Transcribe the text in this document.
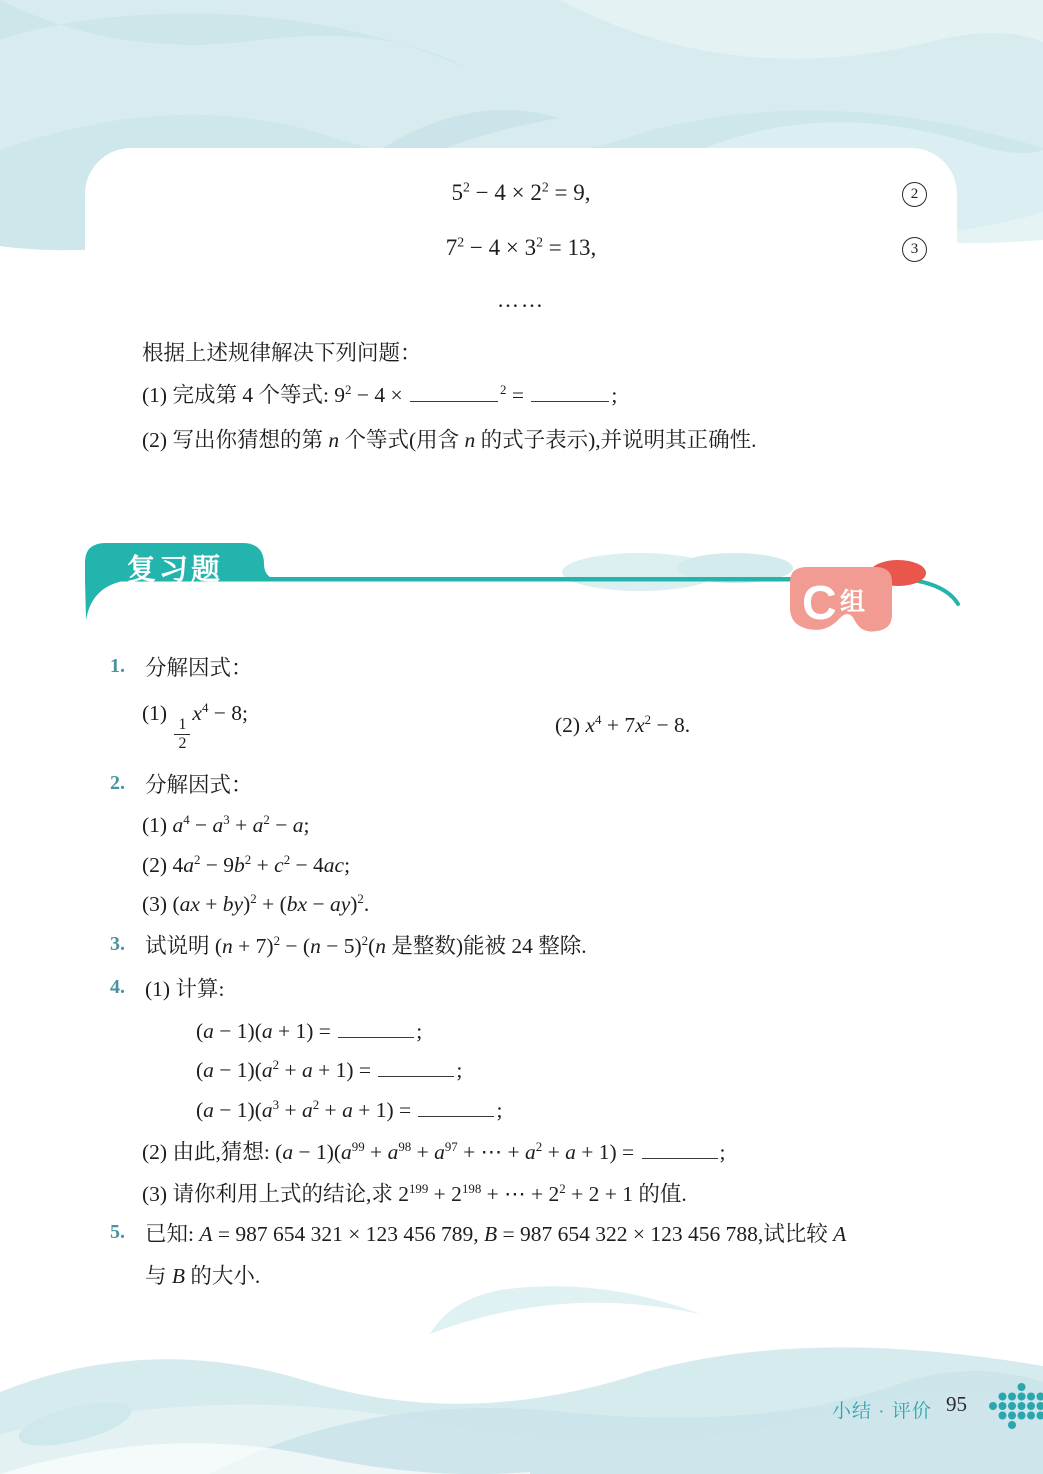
$5^2 - 4 \times 2^2 = 9$,	2
$7^2 - 4 \times 3^2 = 13$,	3
……
根据上述规律解决下列问题：
(1) 完成第 4 个等式: $9^2 - 4$ ×	$^2$ =	;
(2) 写出你猜想的第 n 个等式(用含 n 的式子表示),并说明其正确性.
C 组
复习题
1. 分解因式：
(1)
$\frac{1}{2}$
$x^4 - 8$;	(2) $x^4 + 7x^2 - 8$.
2. 分解因式：
(1) $a^4 - a^3 + a^2 - a$;
(2) $4a^2 - 9b^2 + c^2 - 4ac$;
(3) (ax + by)$^2$ + (bx − ay)$^2$.
3. 试说明 $(n + 7)^2 - (n - 5)^2(n$ 是整数)能被 24 整除.
4. (1) 计算:
(a − 1)(a + 1) =	;
$(a - 1)(a^2 + a + 1)$ =	;
$(a - 1)(a^3 + a^2 + a + 1)$ =	;
(2) 由此,猜想: $(a - 1)(a^{99} + a^{98} + a^{97}$ + ⋯ + $a^2 + a + 1$) =	;
(3) 请你利用上式的结论,求 $2^{199} + 2^{198}$ + ⋯ + $2^2 + 2 + 1$ 的值.
5. 已知: A = 987 654 321 × 123 456 789, B = 987 654 322 × 123 456 788,试比较 A
与 B 的大小.
小结 · 评价 95
